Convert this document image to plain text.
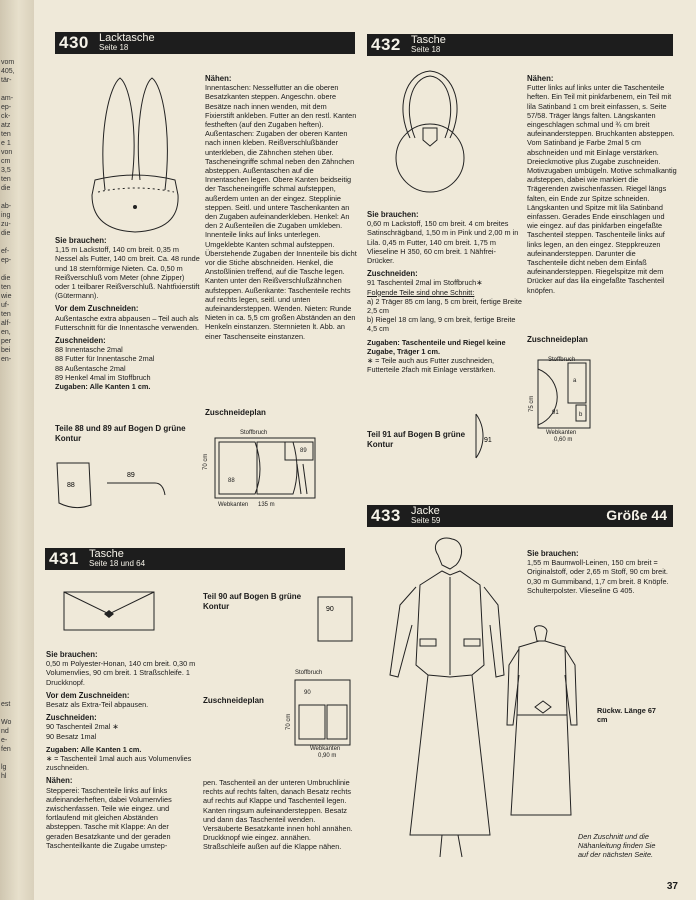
vom
405,
tär-

am-
ep-
ck-
atz
ten
e 1
von
cm
3,5
ten
die

ab-
ing
zu-
die

ef-
ep-

die
ten
wie
uf-
ten
alf-
en,
per
bei
en-
est

Wo
nd
e-
fen

lg
hl
430 Lacktasche
Seite 18
Sie brauchen:
1,15 m Lackstoff, 140 cm breit. 0,35 m Nessel als Futter, 140 cm breit. Ca. 48 runde und 18 sternförmige Nieten. Ca. 0,50 m Reißverschluß vom Meter (ohne Zipper) oder 1 teilbarer Reißverschluß. Nahtfixierstift (Gütermann).
Vor dem Zuschneiden:
Außentasche extra abpausen – Teil auch als Futterschnitt für die Innentasche verwenden.
Zuschneiden:
88 Innentasche 2mal
88 Futter für Innentasche 2mal
88 Außentasche 2mal
89 Henkel 4mal im Stoffbruch
Zugaben: Alle Kanten 1 cm.
Teile 88 und 89 auf Bogen D grüne Kontur
88
89
Nähen:
Innentaschen: Nesselfutter an die oberen Besatzkanten steppen. Angeschn. obere Besätze nach innen wenden, mit dem Fixierstift ankleben. Futter an den restl. Kanten festheften (auf den Zugaben heften). Außentaschen: Zugaben der oberen Kanten nach innen kleben. Reißverschlußbänder unterkleben, die Zähnchen stehen über. Tascheneingriffe schmal neben den Zähnchen absteppen. Außentaschen auf die Innentaschen legen. Obere Kanten beidseitig der Tascheneingriffe schmal aufsteppen, außerdem unten an der eingez. Stepplinie steppen. Seitl. und untere Taschenkanten an den Zugaben aufeinanderkleben. Henkel: An den 2 Außenteilen die Zugaben umkleben. Innenteile links auf links unterlegen. Umgeklebte Kanten schmal aufsteppen. Überstehende Zugaben der Innenteile bis dicht vor die Stiche abschneiden. Henkel, die Anstoßlinien treffend, auf die Tasche legen. Kanten unter den Reißverschlußzähnchen aufsteppen. Außenkante: Taschenteile rechts auf rechts legen, seitl. und unten aufeinandersteppen. Wenden. Nieten: Runde Nieten in ca. 5,5 cm großen Abständen an den Henkeln einstanzen. Sternnieten lt. Abb. an einer Taschenseite einstanzen.
Zuschneideplan
Stoffbruch
70 cm
88
89
Webkanten 135 m
431 Tasche
Seite 18 und 64
Sie brauchen:
0,50 m Polyester-Honan, 140 cm breit. 0,30 m Volumenvlies, 90 cm breit. 1 Straßschleife. 1 Druckknopf.
Vor dem Zuschneiden:
Besatz als Extra-Teil abpausen.
Zuschneiden:
90 Taschenteil 2mal ∗
90 Besatz 1mal
Zugaben: Alle Kanten 1 cm.
∗ = Taschenteil 1mal auch aus Volumenvlies zuschneiden.
Nähen:
Stepperei: Taschenteile links auf links aufeinanderheften, dabei Volumenvlies zwischenfassen. Teile wie eingez. und fortlaufend mit gleichen Abständen absteppen. Tasche mit Klappe: An der geraden Besatzkante und der geraden Taschenteilkante die Zugabe umstep-
Teil 90 auf Bogen B grüne Kontur	90
Zuschneideplan
Stoffbruch
90
70 cm
Webkanten
0,90 m
pen. Taschenteil an der unteren Umbruchlinie rechts auf rechts falten, danach Besatz rechts auf rechts auf Klappe und Taschenteil legen. Kanten ringsum aufeinandersteppen. Besatz und dann das Taschenteil wenden. Versäuberte Besatzkante innen hohl annähen. Druckknopf wie eingez. annähen. Straßschleife außen auf die Klappe nähen.
432 Tasche
Seite 18
Sie brauchen:
0,60 m Lackstoff, 150 cm breit. 4 cm breites Satinschrägband, 1,50 m in Pink und 2,00 m in Lila. 0,45 m Futter, 140 cm breit. 1,75 m Vlieseline H 350, 60 cm breit. 1 Nähfrei-Drücker.
Zuschneiden:
91 Taschenteil 2mal im Stoffbruch∗
Folgende Teile sind ohne Schnitt:
a) 2 Träger 85 cm lang, 5 cm breit, fertige Breite 2,5 cm
b) Riegel 18 cm lang, 9 cm breit, fertige Breite 4,5 cm
Zugaben: Taschenteile und Riegel keine Zugabe, Träger 1 cm.
∗ = Teile auch aus Futter zuschneiden, Futterteile 2fach mit Einlage verstärken.
Teil 91 auf Bogen B grüne Kontur	91
Nähen:
Futter links auf links unter die Taschenteile heften. Ein Teil mit pinkfarbenem, ein Teil mit lila Satinband 1 cm breit einfassen, s. Seite 57/58. Träger längs falten. Längskanten eingeschlagen schmal und ¾ cm breit aufeinandersteppen. Bruchkanten absteppen. Vom Satinband je Farbe 2mal 5 cm abschneiden und mit Einlage verstärken. Dreieckmotive plus Zugabe zuschneiden. Motivzugaben umbügeln. Motive schmalkantig aufsteppen, dabei wie markiert die Trägerenden zwischenfassen. Riegel längs falten, ein Ende zur Spitze schneiden. Längskanten und Spitze mit lila Satinband einfassen. Gerades Ende einschlagen und wie eingez. auf das pinkfarben eingefaßte Taschenteil steppen. Taschenteile links auf links legen, an den eingez. Steppkreuzen aufeinandersteppen. Darunter die Taschenteile dicht neben dem Einfaß aufeinandersteppen. Riegelspitze mit dem Drücker auf das lila eingefaßte Taschenteil knöpfen.
Zuschneideplan
Stoffbruch
a
b
91
75 cm
Webkanten
0,60 m
433 Jacke
Seite 59	Größe 44
Sie brauchen:
1,55 m Baumwoll-Leinen, 150 cm breit = Originalstoff, oder 2,65 m Stoff, 90 cm breit. 0,30 m Gummiband, 1,7 cm breit. 8 Knöpfe. Schulterpolster. Vlieseline G 405.
Rückw. Länge 67 cm
Den Zuschnitt und die Nähanleitung finden Sie auf der nächsten Seite.
37
